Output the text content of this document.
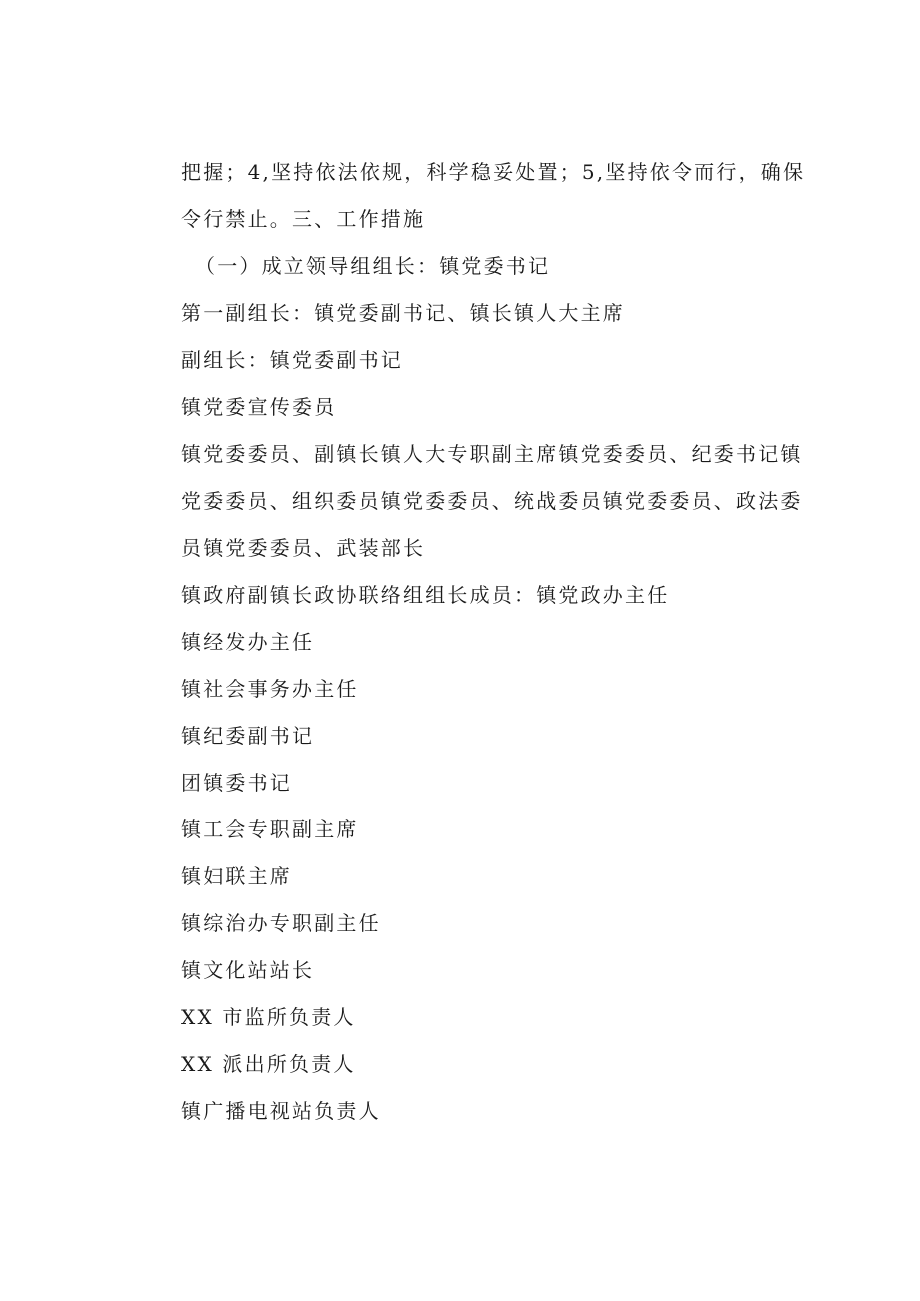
把握；4,坚持依法依规，科学稳妥处置；5,坚持依令而行，确保
令行禁止。三、工作措施
（一）成立领导组组长：镇党委书记
第一副组长：镇党委副书记、镇长镇人大主席
副组长：镇党委副书记
镇党委宣传委员
镇党委委员、副镇长镇人大专职副主席镇党委委员、纪委书记镇
党委委员、组织委员镇党委委员、统战委员镇党委委员、政法委
员镇党委委员、武装部长
镇政府副镇长政协联络组组长成员：镇党政办主任
镇经发办主任
镇社会事务办主任
镇纪委副书记
团镇委书记
镇工会专职副主席
镇妇联主席
镇综治办专职副主任
镇文化站站长
XX 市监所负责人
XX 派出所负责人
镇广播电视站负责人
